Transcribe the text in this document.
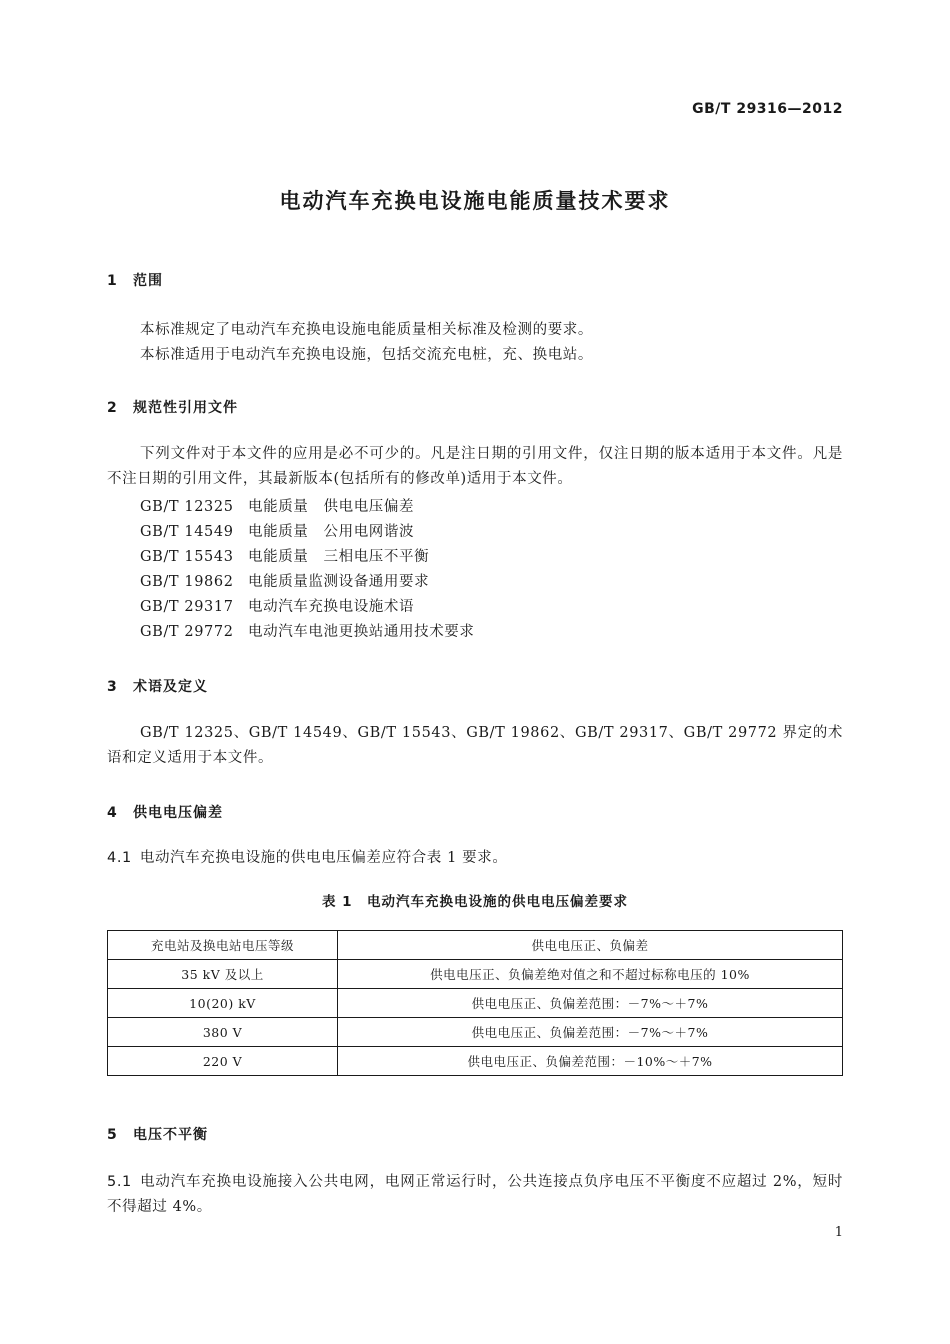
GB/T 29316—2012
电动汽车充换电设施电能质量技术要求
1 范围
本标准规定了电动汽车充换电设施电能质量相关标准及检测的要求。
本标准适用于电动汽车充换电设施，包括交流充电桩，充、换电站。
2 规范性引用文件
下列文件对于本文件的应用是必不可少的。凡是注日期的引用文件，仅注日期的版本适用于本文件。凡是不注日期的引用文件，其最新版本(包括所有的修改单)适用于本文件。
GB/T 12325 电能质量　供电电压偏差
GB/T 14549 电能质量　公用电网谐波
GB/T 15543 电能质量　三相电压不平衡
GB/T 19862 电能质量监测设备通用要求
GB/T 29317 电动汽车充换电设施术语
GB/T 29772 电动汽车电池更换站通用技术要求
3 术语及定义
GB/T 12325、GB/T 14549、GB/T 15543、GB/T 19862、GB/T 29317、GB/T 29772 界定的术语和定义适用于本文件。
4 供电电压偏差
4.1 电动汽车充换电设施的供电电压偏差应符合表 1 要求。
表 1　电动汽车充换电设施的供电电压偏差要求
充电站及换电站电压等级	供电电压正、负偏差
35 kV 及以上	供电电压正、负偏差绝对值之和不超过标称电压的 10%
10(20) kV	供电电压正、负偏差范围：－7%～＋7%
380 V	供电电压正、负偏差范围：－7%～＋7%
220 V	供电电压正、负偏差范围：－10%～＋7%
5 电压不平衡
5.1 电动汽车充换电设施接入公共电网，电网正常运行时，公共连接点负序电压不平衡度不应超过 2%，短时不得超过 4%。
1
